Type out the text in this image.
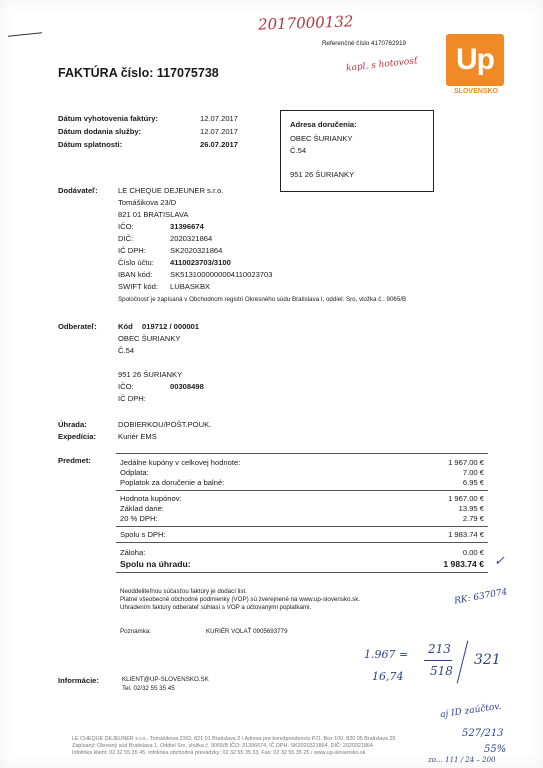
2017000132
kapl. s hotovosť	Up
SLOVENSKO
Referenčné číslo 4170762919
FAKTÚRA číslo: 117075738
Dátum vyhotovenia faktúry:	12.07.2017
Dátum dodania služby:	12.07.2017
Dátum splatnosti:	26.07.2017
Adresa doručenia:
OBEC ŠURIANKY
Č.54
951 26 ŠURIANKY
Dodávateľ:	LE CHEQUE DEJEUNER s.r.o.
Tomášikova 23/D
821 01 BRATISLAVA
IČO:	31396674
DIČ:	2020321864
IČ DPH:	SK2020321864
Číslo účtu: 4110023703/3100
IBAN kód: SK5131000000004110023703
SWIFT kód: LUBASKBX
Spoločnosť je zapísaná v Obchodnom registri Okresného súdu Bratislava I, oddiel: Sro, vložka č.: 9065/B
Odberateľ:	Kód 019712 / 000001
OBEC ŠURIANKY
Č.54
951 26 ŠURIANKY
IČO:	00308498
IČ DPH:
Úhrada:	DOBIERKOU/POŠT.POUK.
Expedícia:	Kuriér EMS
Predmet:	Jedálne kupóny v celkovej hodnote:	1 967.00 €
Odplata:	7.00 €
Poplatok za doručenie a balné:	6.95 €
Hodnota kupónov:	1 967.00 €
Základ dane:	13.95 €
20 % DPH:	2.79 €
Spolu s DPH:	1 983.74 €
Záloha:	0.00 €
Spolu na úhradu:	1 983.74 € ✓
Neoddeliteľnou súčasťou faktúry je dodací list.
Platné všeobecné obchodné podmienky (VOP) sú zverejnené na www.up-slovensko.sk.
Uhradením faktúry odberateľ súhlasí s VOP a účtovanými poplatkami.
Poznámka:	KURIÉR VOLAŤ 0905693779
RK: 637074
1.967 =
16,74
213
518
321
Informácie:	KLIENT@UP-SLOVENSKO.SK
Tel. 02/32 55 35 45
aj ID zaúčtov.
527/213
55%
zo… 111 / 24 – 200
LE CHEQUE DEJEUNER s.r.o., Tomášikova 23/D, 821 01 Bratislava 2 / Adresa pre korešpondenciu P.O. Box 100, 820 05 Bratislava 25
Zapísaný: Okresný súd Bratislava 1, Oddiel Sro, vložka č. 9065/B IČO: 31396674, IČ DPH: SK2020321864, DIČ: 2020321864
Infolinka klient: 02 32 55 35 45, Infolinka obchodná prevádzky: 02 32 55 35 33, Fax: 02 32 55 35 25 / www.up-slovensko.sk
